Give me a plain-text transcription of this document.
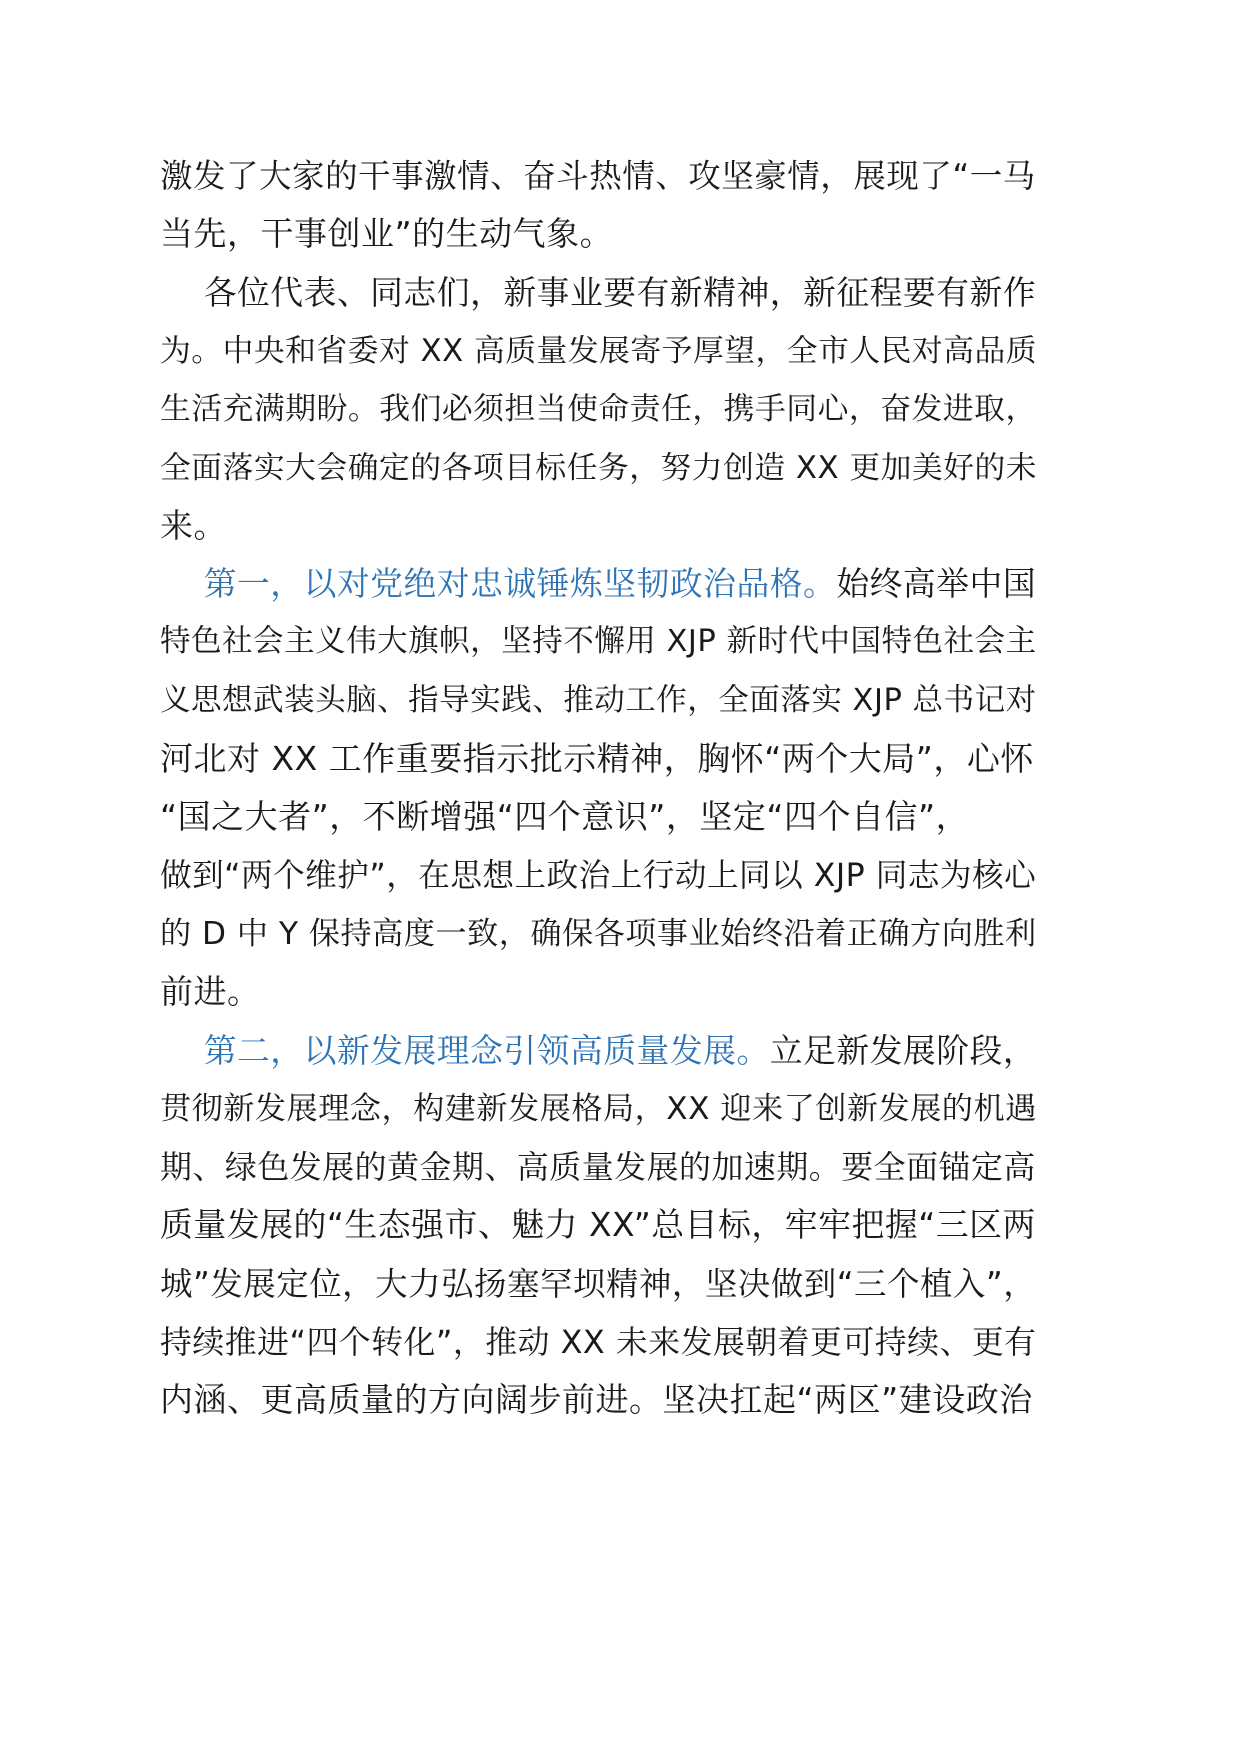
激发了大家的干事激情、奋斗热情、攻坚豪情，展现了“一马
当先，干事创业”的生动气象。
各位代表、同志们，新事业要有新精神，新征程要有新作
为。中央和省委对 XX 高质量发展寄予厚望，全市人民对高品质
生活充满期盼。我们必须担当使命责任，携手同心，奋发进取，
全面落实大会确定的各项目标任务，努力创造 XX 更加美好的未
来。
第一，以对党绝对忠诚锤炼坚韧政治品格。始终高举中国
特色社会主义伟大旗帜，坚持不懈用 XJP 新时代中国特色社会主
义思想武装头脑、指导实践、推动工作，全面落实 XJP 总书记对
河北对 XX 工作重要指示批示精神，胸怀“两个大局”，心怀
“国之大者”，不断增强“四个意识”，坚定“四个自信”，
做到“两个维护”，在思想上政治上行动上同以 XJP 同志为核心
的 D 中 Y 保持高度一致，确保各项事业始终沿着正确方向胜利
前进。
第二，以新发展理念引领高质量发展。立足新发展阶段，
贯彻新发展理念，构建新发展格局，XX 迎来了创新发展的机遇
期、绿色发展的黄金期、高质量发展的加速期。要全面锚定高
质量发展的“生态强市、魅力 XX”总目标，牢牢把握“三区两
城”发展定位，大力弘扬塞罕坝精神，坚决做到“三个植入”，
持续推进“四个转化”，推动 XX 未来发展朝着更可持续、更有
内涵、更高质量的方向阔步前进。坚决扛起“两区”建设政治
